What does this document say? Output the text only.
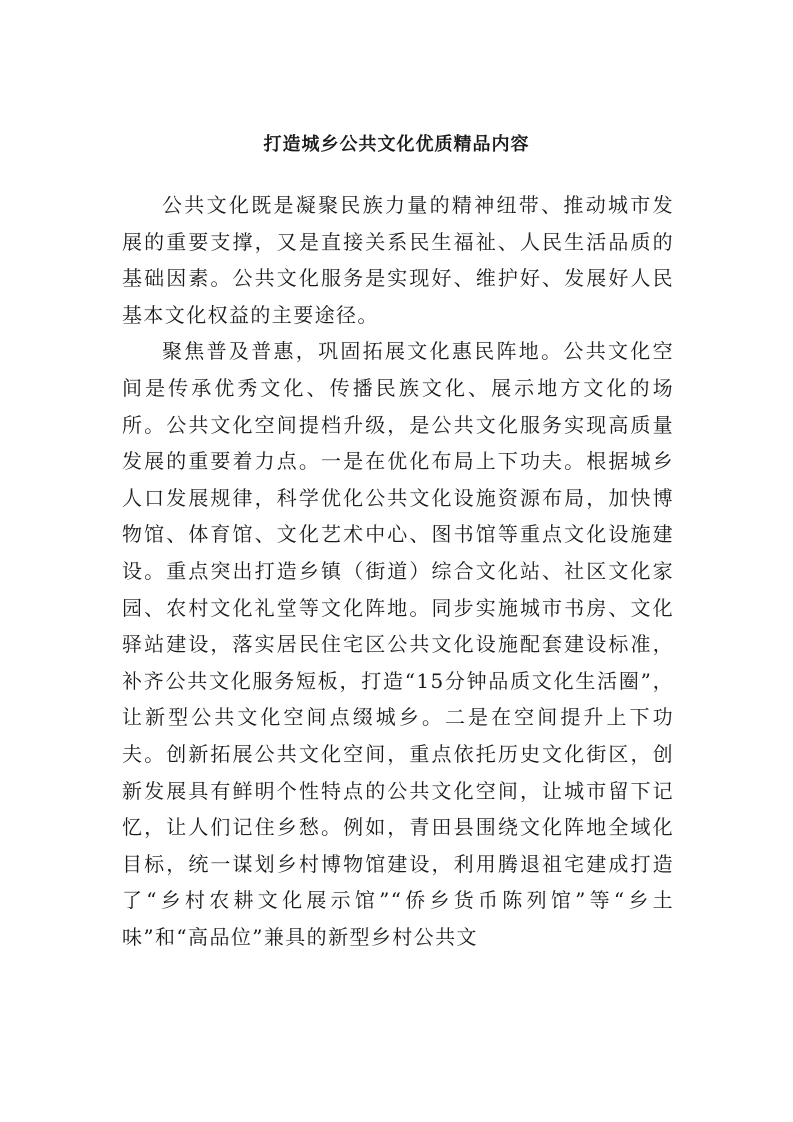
打造城乡公共文化优质精品内容

公共文化既是凝聚民族力量的精神纽带、推动城市发展的重要支撑，又是直接关系民生福祉、人民生活品质的基础因素。公共文化服务是实现好、维护好、发展好人民基本文化权益的主要途径。

聚焦普及普惠，巩固拓展文化惠民阵地。公共文化空间是传承优秀文化、传播民族文化、展示地方文化的场所。公共文化空间提档升级，是公共文化服务实现高质量发展的重要着力点。一是在优化布局上下功夫。根据城乡人口发展规律，科学优化公共文化设施资源布局，加快博物馆、体育馆、文化艺术中心、图书馆等重点文化设施建设。重点突出打造乡镇（街道）综合文化站、社区文化家园、农村文化礼堂等文化阵地。同步实施城市书房、文化驿站建设，落实居民住宅区公共文化设施配套建设标准，补齐公共文化服务短板，打造“15分钟品质文化生活圈”，让新型公共文化空间点缀城乡。二是在空间提升上下功夫。创新拓展公共文化空间，重点依托历史文化街区，创新发展具有鲜明个性特点的公共文化空间，让城市留下记忆，让人们记住乡愁。例如，青田县围绕文化阵地全域化目标，统一谋划乡村博物馆建设，利用腾退祖宅建成打造了“乡村农耕文化展示馆”“侨乡货币陈列馆”等“乡土味”和“高品位”兼具的新型乡村公共文
